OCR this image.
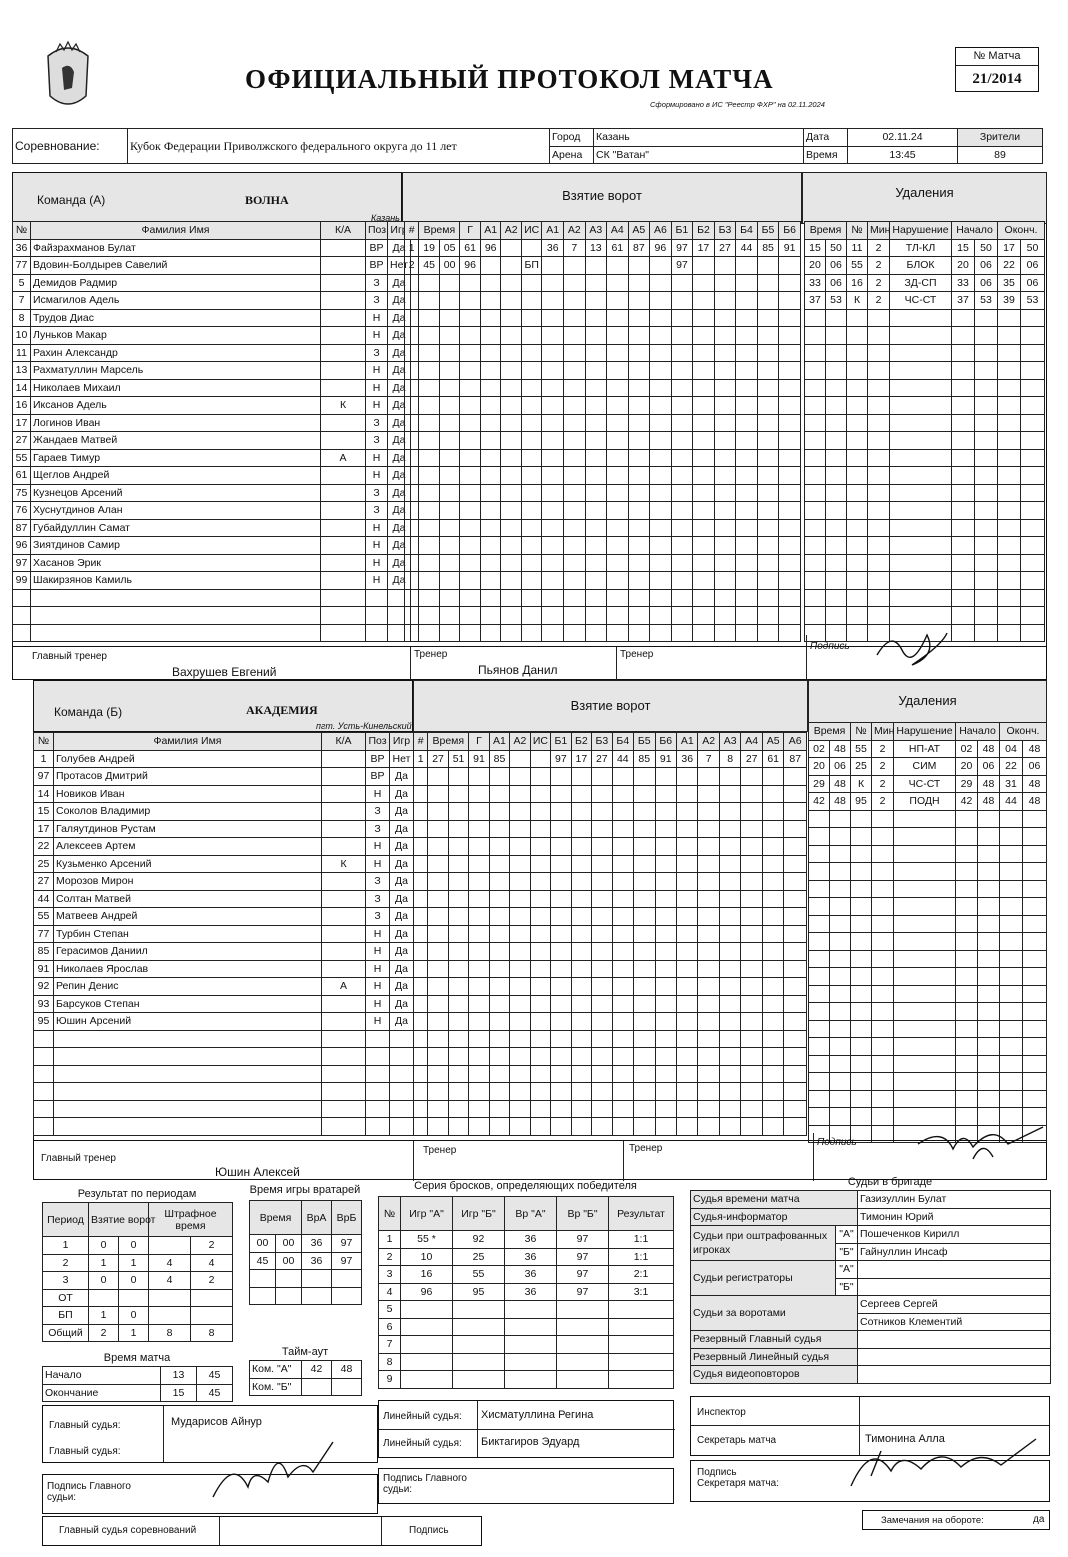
ОФИЦИАЛЬНЫЙ ПРОТОКОЛ МАТЧА
Сформировано в ИС "Реестр ФХР" на 02.11.2024
№ Матча
21/2014
Соревнование:	Кубок Федерации Приволжского федерального округа до 11 лет	Город	Казань	Дата	02.11.24	Зрители
		Арена	СК "Ватан"	Время	13:45	89
Команда (А)	ВОЛНА
Казань
Взятие ворот	Удаления
№	Фамилия Имя	К/А	Поз	Игр
36	Файзрахманов Булат		ВР	Да
77	Вдовин-Болдырев Савелий		ВР	Нет
5	Демидов Радмир		З	Да
7	Исмагилов Адель		З	Да
8	Трудов Диас		Н	Да
10	Луньков Макар		Н	Да
11	Рахин Александр		З	Да
13	Рахматуллин Марсель		Н	Да
14	Николаев Михаил		Н	Да
16	Иксанов Адель	К	Н	Да
17	Логинов Иван		З	Да
27	Жандаев Матвей		З	Да
55	Гараев Тимур	А	Н	Да
61	Щеглов Андрей		Н	Да
75	Кузнецов Арсений		З	Да
76	Хуснутдинов Алан		З	Да
87	Губайдуллин Самат		Н	Да
96	Зиятдинов Самир		Н	Да
97	Хасанов Эрик		Н	Да
99	Шакирзянов Камиль		Н	Да

#	Время		Г	А1	А2	ИС	А1	А2	А3	А4	А5	А6	Б1	Б2	Б3	Б4	Б5	Б6
1	19	05	61	96			36	7	13	61	87	96	97	17	27	44	85	91
2	45	00	96			БП							97					

Время		№	Мин	Нарушение	Начало		Оконч.	
15	50	11	2	ТЛ-КЛ	15	50	17	50
20	06	55	2	БЛОК	20	06	22	06
33	06	16	2	ЗД-СП	33	06	35	06
37	53	К	2	ЧС-СТ	37	53	39	53

Главный тренер
Вахрушев Евгений
Тренер
Пьянов Данил
Тренер
Подпись
Команда (Б)	АКАДЕМИЯ
пгт. Усть-Кинельский
Взятие ворот	Удаления
№	Фамилия Имя	К/А	Поз	Игр
1	Голубев Андрей		ВР	Нет
97	Протасов Дмитрий		ВР	Да
14	Новиков Иван		Н	Да
15	Соколов Владимир		З	Да
17	Галяутдинов Рустам		З	Да
22	Алексеев Артем		Н	Да
25	Кузьменко Арсений	К	Н	Да
27	Морозов Мирон		З	Да
44	Солтан Матвей		З	Да
55	Матвеев Андрей		З	Да
77	Турбин Степан		Н	Да
85	Герасимов Даниил		Н	Да
91	Николаев Ярослав		Н	Да
92	Репин Денис	А	Н	Да
93	Барсуков Степан		Н	Да
95	Юшин Арсений		Н	Да

#	Время		Г	А1	А2	ИС	Б1	Б2	Б3	Б4	Б5	Б6	А1	А2	А3	А4	А5	А6
1	27	51	91	85			97	17	27	44	85	91	36	7	8	27	61	87

Время		№	Мин	Нарушение	Начало		Оконч.	
02	48	55	2	НП-АТ	02	48	04	48
20	06	25	2	СИМ	20	06	22	06
29	48	К	2	ЧС-СТ	29	48	31	48
42	48	95	2	ПОДН	42	48	44	48

Главный тренер
Юшин Алексей
Тренер	Тренер
Подпись
Результат по периодам
Период	Взятие ворот		Штрафное время	
1	0	0		2
2	1	1	4	4
3	0	0	4	2
ОТ				
БП	1	0		
Общий	2	1	8	8
Время игры вратарей
Время		ВрА	ВрБ
00	00	36	97
45	00	36	97

Время матча
Начало	13	45
Окончание	15	45
Тайм-аут
Ком. "А"	42	48
Ком. "Б"		
Серия бросков, определяющих победителя
№	Игр "А"	Игр "Б"	Вр "А"	Вр "Б"	Результат
1	55 *	92	36	97	1:1
2	10	25	36	97	1:1
3	16	55	36	97	2:1
4	96	95	36	97	3:1
5					
6					
7					
8					
9					
Судьи в бригаде
Судья времени матча		Газизуллин Булат
Судья-информатор		Тимонин Юрий
Судьи при оштрафованных игроках	"А"	Пошеченков Кирилл
	"Б"	Гайнуллин Инсаф
Судьи регистраторы	"А"	
	"Б"	
Судьи за воротами		Сергеев Сергей
		Сотников Клементий
Резервный Главный судья		
Резервный Линейный судья		
Судья видеоповторов		
Главный судья:	Мударисов Айнур
Главный судья:
Линейный судья: Хисматуллина Регина
Линейный судья: Биктагиров Эдуард
Подпись Главного судьи:
Подпись Главного судьи:
Главный судья соревнований	Подпись
Инспектор
Секретарь матча	Тимонина Алла
Подпись Секретаря матча:
Замечания на обороте:	да
